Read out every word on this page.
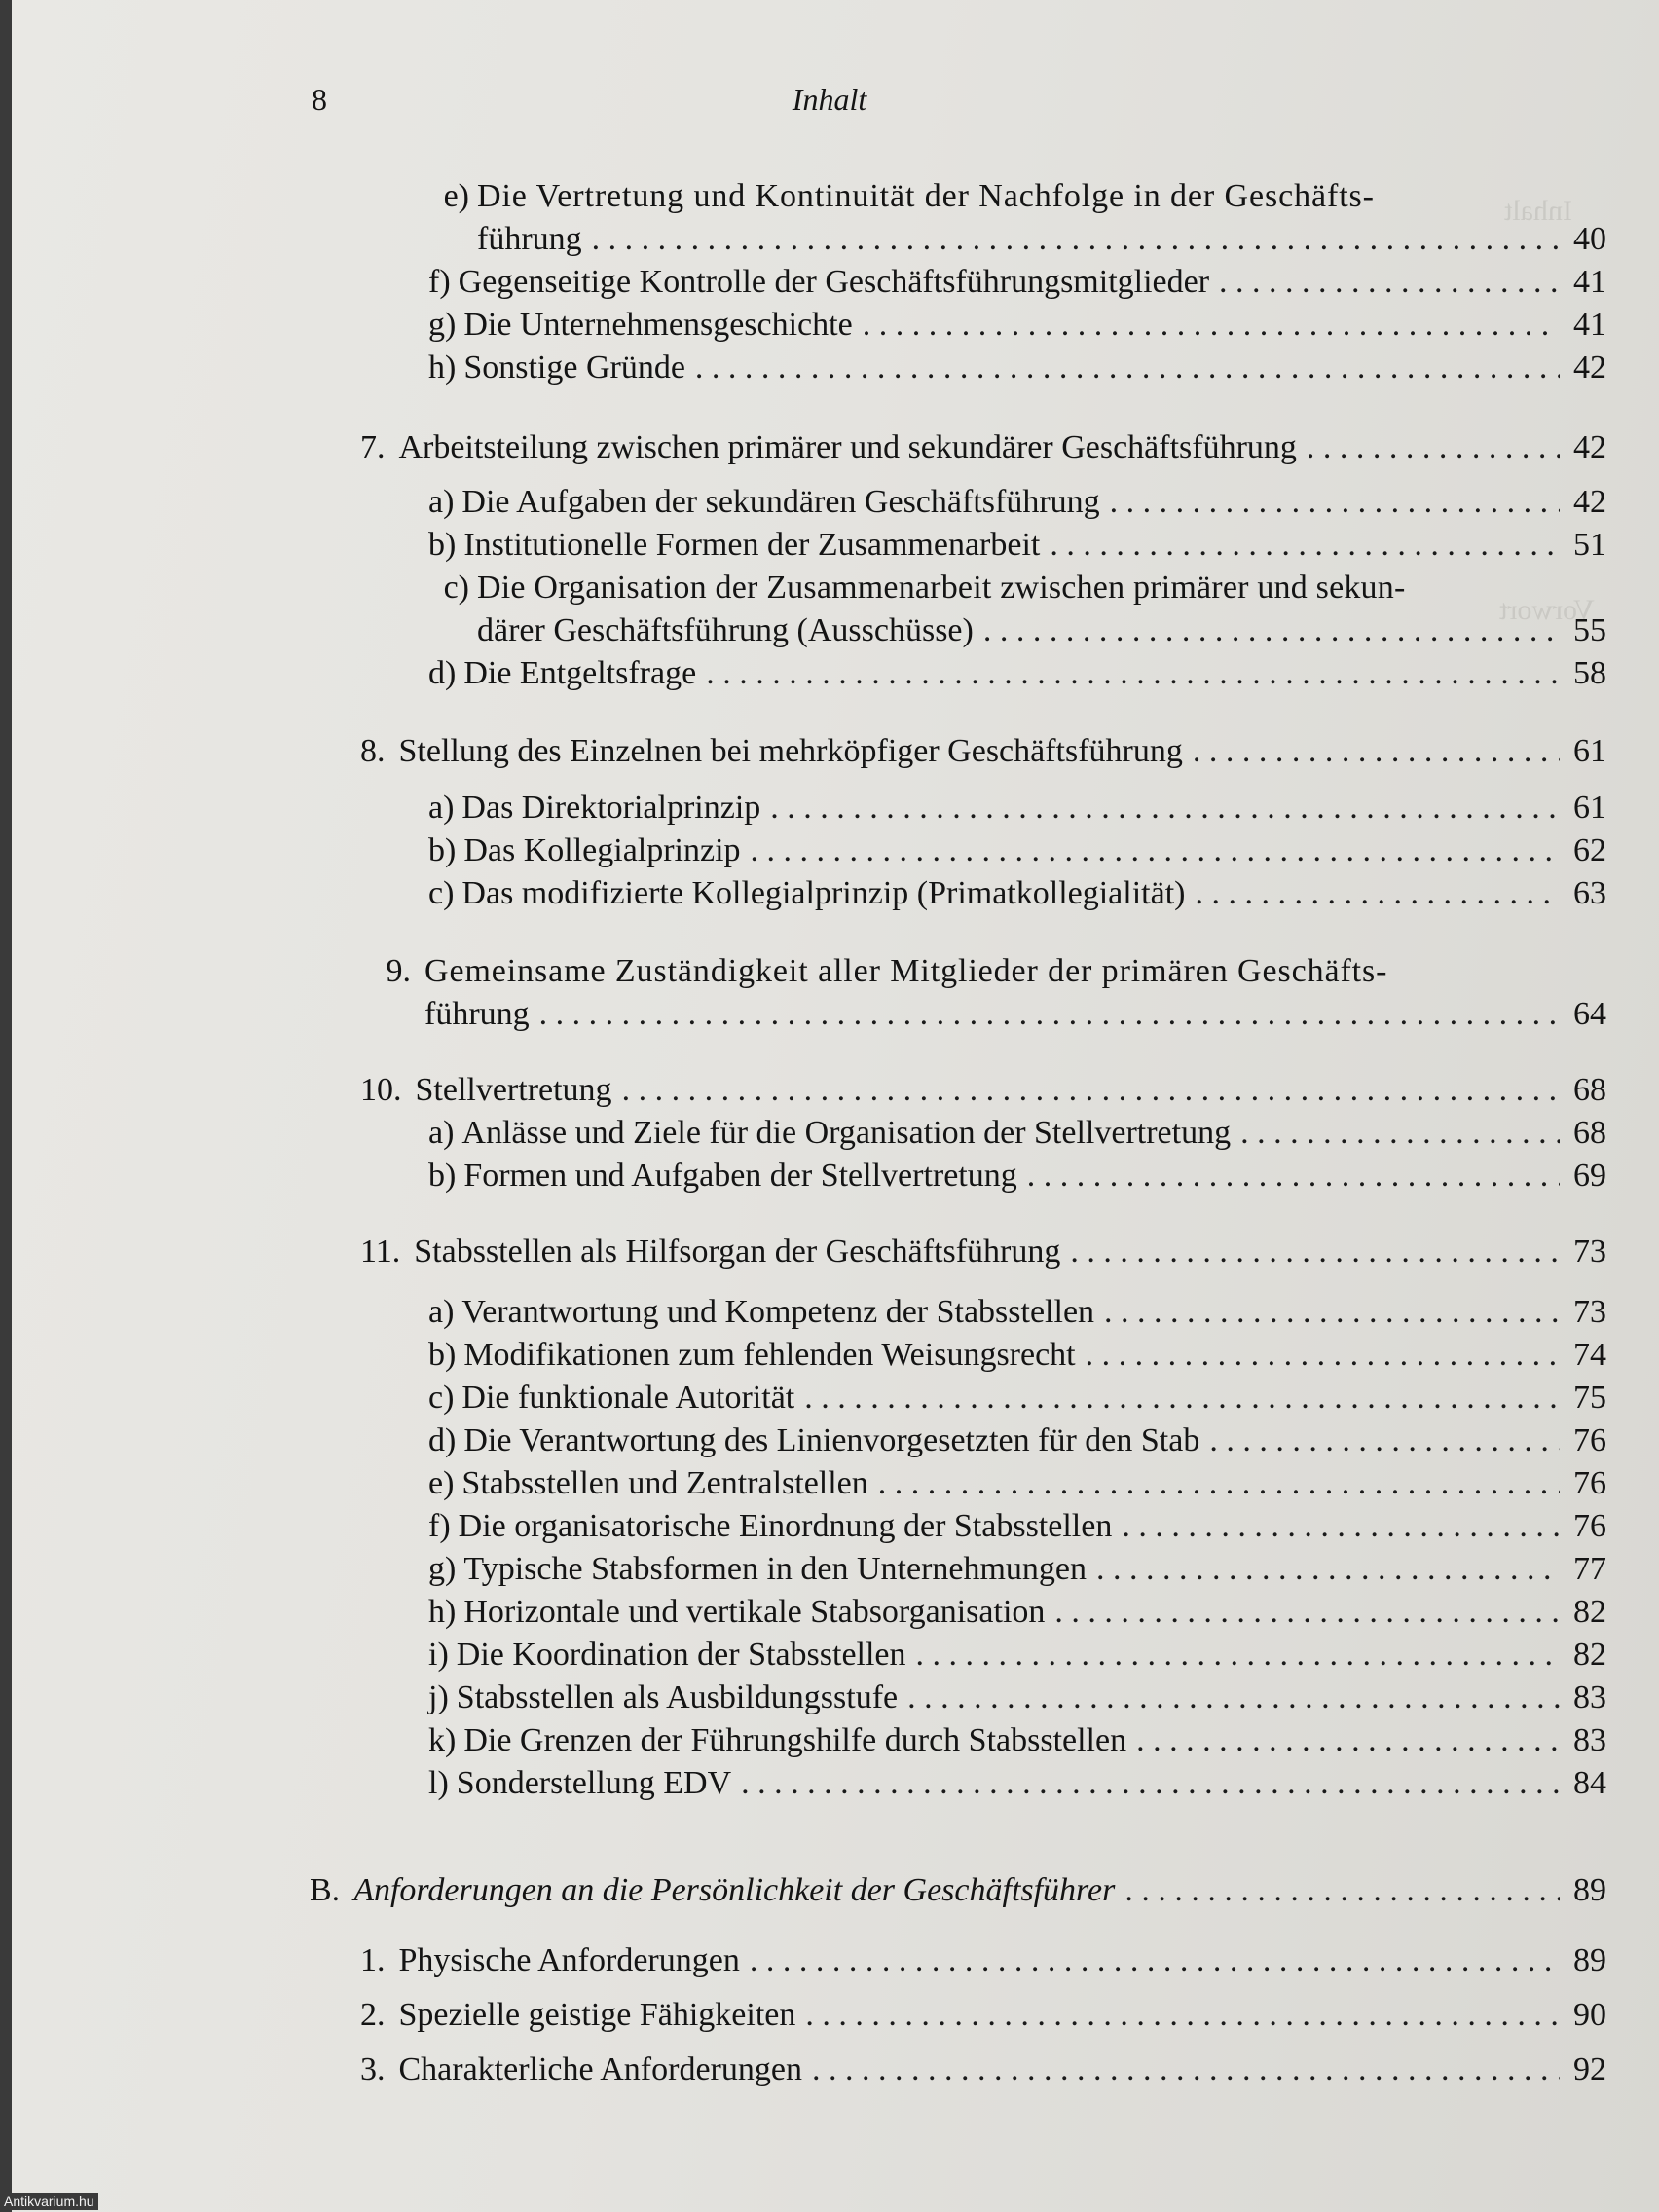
Inhalt
Vorwort
8	Inhalt
e) Die Vertretung und Kontinuität der Nachfolge in der Geschäfts-
führung . . .	40
f) Gegenseitige Kontrolle der Geschäftsführungsmitglieder . . .	41
g) Die Unternehmensgeschichte . . .	41
h) Sonstige Gründe . . .	42
7. Arbeitsteilung zwischen primärer und sekundärer Geschäftsführung . . .	42
a) Die Aufgaben der sekundären Geschäftsführung . . .	42
b) Institutionelle Formen der Zusammenarbeit . . .	51
c) Die Organisation der Zusammenarbeit zwischen primärer und sekun-
därer Geschäftsführung (Ausschüsse) . . .	55
d) Die Entgeltsfrage . . .	58
8. Stellung des Einzelnen bei mehrköpfiger Geschäftsführung . . .	61
a) Das Direktorialprinzip . . .	61
b) Das Kollegialprinzip . . .	62
c) Das modifizierte Kollegialprinzip (Primatkollegialität) . . .	63
9. Gemeinsame Zuständigkeit aller Mitglieder der primären Geschäfts-
führung . . .	64
10. Stellvertretung . . .	68
a) Anlässe und Ziele für die Organisation der Stellvertretung . . .	68
b) Formen und Aufgaben der Stellvertretung . . .	69
11. Stabsstellen als Hilfsorgan der Geschäftsführung . . .	73
a) Verantwortung und Kompetenz der Stabsstellen . . .	73
b) Modifikationen zum fehlenden Weisungsrecht . . .	74
c) Die funktionale Autorität . . .	75
d) Die Verantwortung des Linienvorgesetzten für den Stab . . .	76
e) Stabsstellen und Zentralstellen . . .	76
f) Die organisatorische Einordnung der Stabsstellen . . .	76
g) Typische Stabsformen in den Unternehmungen . . .	77
h) Horizontale und vertikale Stabsorganisation . . .	82
i) Die Koordination der Stabsstellen . . .	82
j) Stabsstellen als Ausbildungsstufe . . .	83
k) Die Grenzen der Führungshilfe durch Stabsstellen . . .	83
l) Sonderstellung EDV . . .	84
B. Anforderungen an die Persönlichkeit der Geschäftsführer . . .	89
1. Physische Anforderungen . . .	89
2. Spezielle geistige Fähigkeiten . . .	90
3. Charakterliche Anforderungen . . .	92
Antikvarium.hu
